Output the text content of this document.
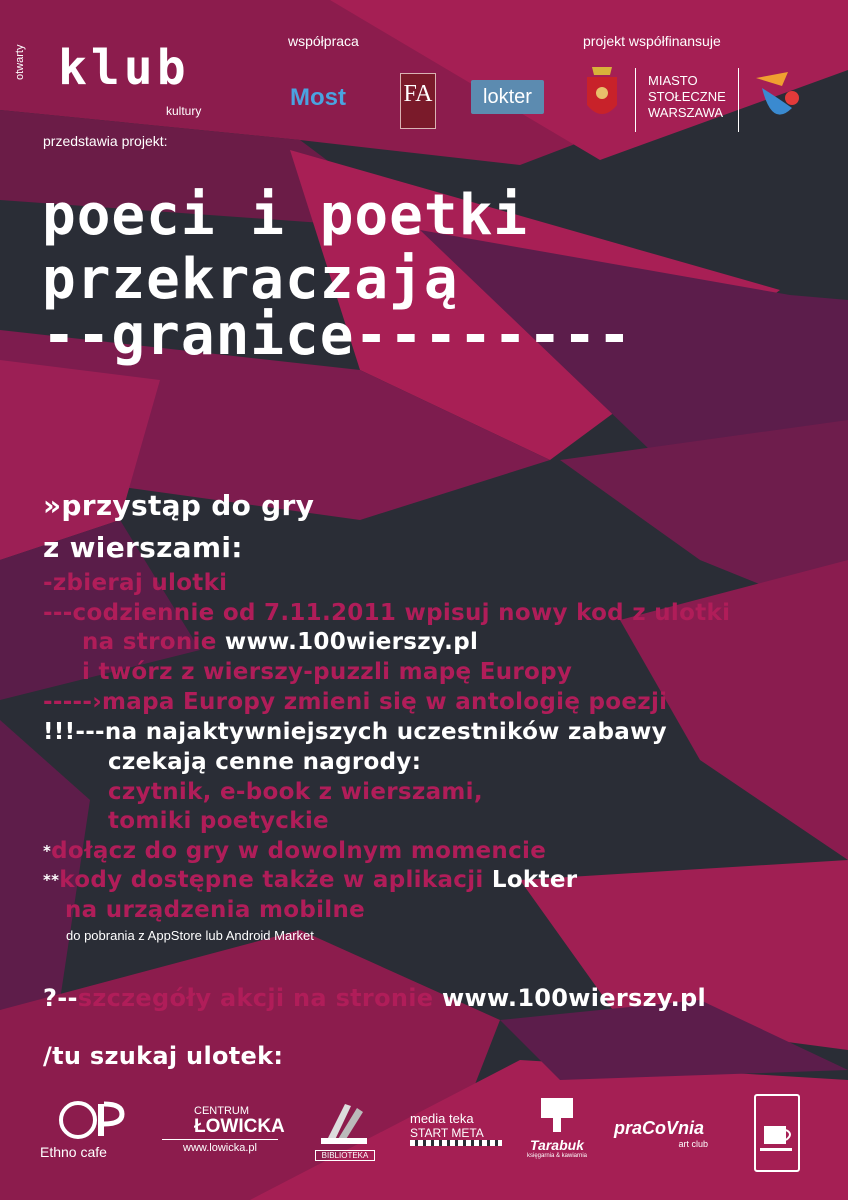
otwarty klub
kultury
przedstawia projekt:
współpraca
Most FA	lokter
projekt współfinansuje
MIASTO
STOŁECZNE
WARSZAWA
poeci i poetki
przekraczają
--granice--------
»przystąp do gry
z wierszami:
-zbieraj ulotki
---codziennie od 7.11.2011 wpisuj nowy kod z ulotki
na stronie www.100wierszy.pl
i twórz z wierszy-puzzli mapę Europy
-----›mapa Europy zmieni się w antologię poezji
!!!---na najaktywniejszych uczestników zabawy
czekają cenne nagrody:
czytnik, e-book z wierszami,
tomiki poetyckie
*dołącz do gry w dowolnym momencie
**kody dostępne także w aplikacji Lokter
na urządzenia mobilne
do pobrania z AppStore lub Android Market
?--szczegóły akcji na stronie www.100wierszy.pl
/tu szukaj ulotek:
Ethno cafe
CENTRUM
ŁOWICKA
www.lowicka.pl
BIBLIOTEKA
media teka
START META
Tarabuk
księgarnia & kawiarnia
praCoVnia
art club
